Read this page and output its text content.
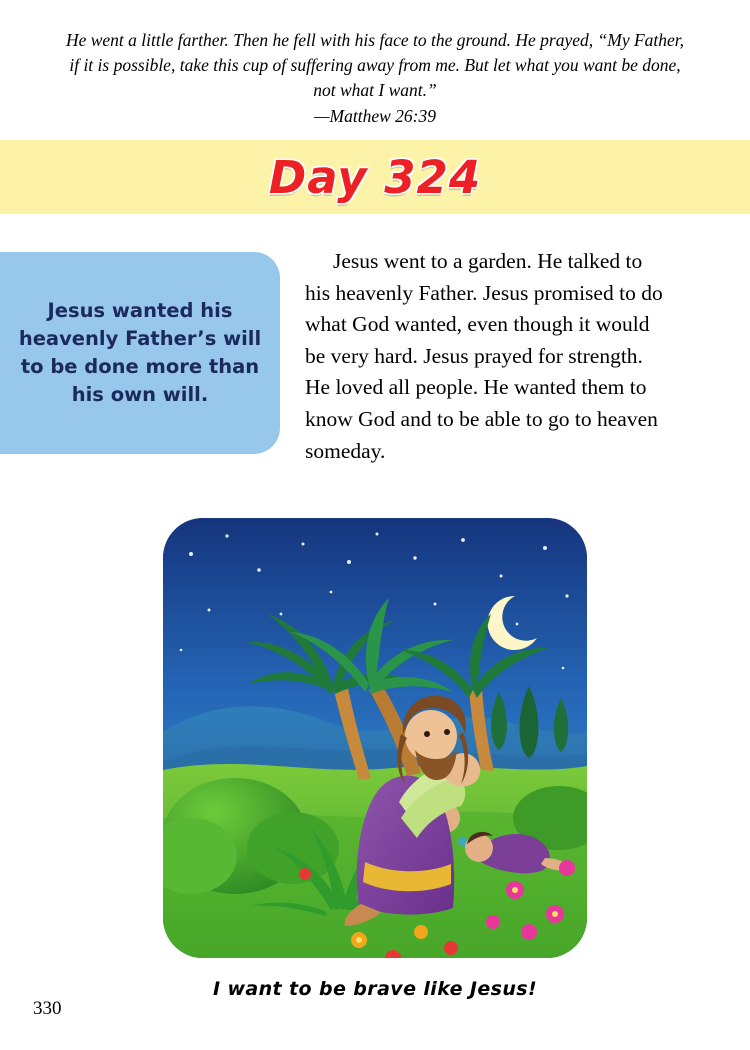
He went a little farther. Then he fell with his face to the ground. He prayed, “My Father, if it is possible, take this cup of suffering away from me. But let what you want be done, not what I want.”
—Matthew 26:39
Day 324
Jesus wanted his heavenly Father’s will to be done more than his own will.
Jesus went to a garden. He talked to his heavenly Father. Jesus promised to do what God wanted, even though it would be very hard. Jesus prayed for strength. He loved all people. He wanted them to know God and to be able to go to heaven someday.
I want to be brave like Jesus!
330
